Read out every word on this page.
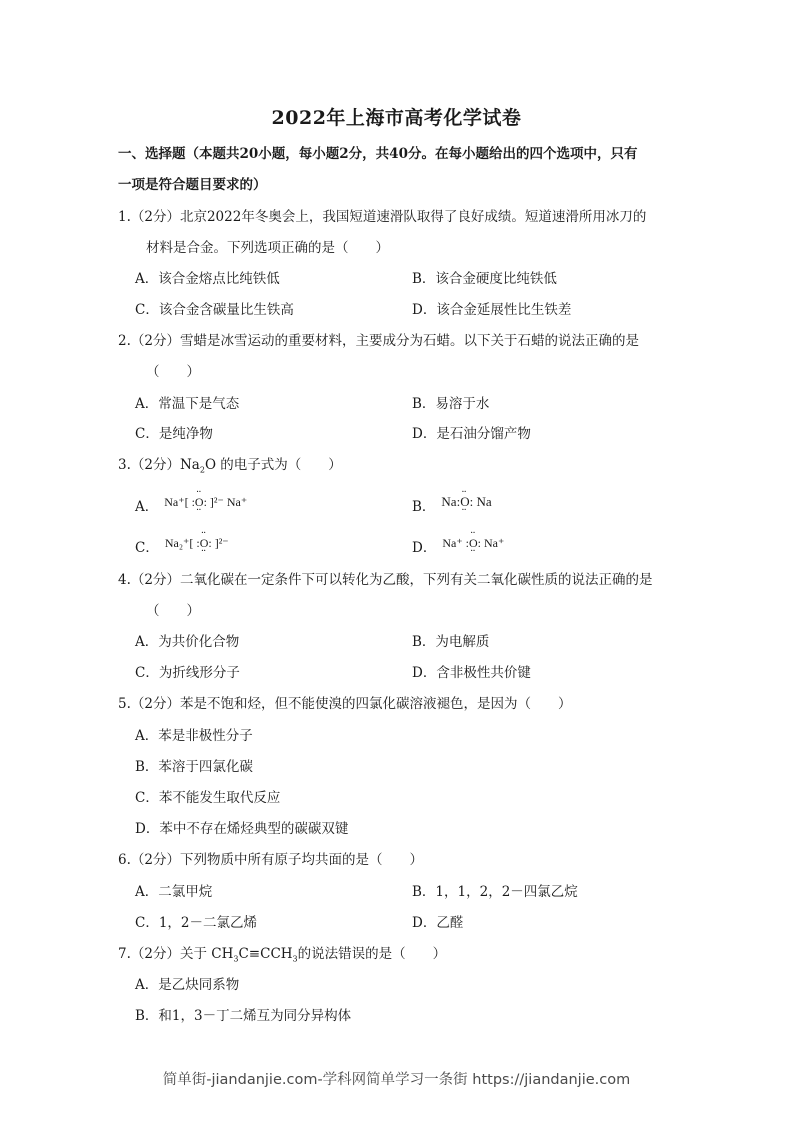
2022年上海市高考化学试卷
一、选择题（本题共20小题，每小题2分，共40分。在每小题给出的四个选项中，只有
一项是符合题目要求的）
1.（2分）北京2022年冬奥会上，我国短道速滑队取得了良好成绩。短道速滑所用冰刀的
材料是合金。下列选项正确的是（　　）
A．该合金熔点比纯铁低	B．该合金硬度比纯铁低
C．该合金含碳量比生铁高	D．该合金延展性比生铁差
2.（2分）雪蜡是冰雪运动的重要材料，主要成分为石蜡。以下关于石蜡的说法正确的是
（　　）
A．常温下是气态	B．易溶于水
C．是纯净物	D．是石油分馏产物
3.（2分）$Na_2O$ 的电子式为（　　）
A． Na⁺[ :·· O ··: ]²⁻ Na⁺	B． Na:·· O ··: Na
C． Na₂⁺[ :·· O ··: ]²⁻	D． Na⁺ :·· O ··: Na⁺
4.（2分）二氧化碳在一定条件下可以转化为乙酸，下列有关二氧化碳性质的说法正确的是
（　　）
A．为共价化合物	B．为电解质
C．为折线形分子	D．含非极性共价键
5.（2分）苯是不饱和烃，但不能使溴的四氯化碳溶液褪色，是因为（　　）
A．苯是非极性分子
B．苯溶于四氯化碳
C．苯不能发生取代反应
D．苯中不存在烯烃典型的碳碳双键
6.（2分）下列物质中所有原子均共面的是（　　）
A．二氯甲烷	B．1，1，2，2－四氯乙烷
C．1，2－二氯乙烯	D．乙醛
7.（2分）关于 $CH_3C\equiv CCH_3$的说法错误的是（　　）
A．是乙炔同系物
B．和1，3－丁二烯互为同分异构体
简单街-jiandanjie.com-学科网简单学习一条街 https://jiandanjie.com
